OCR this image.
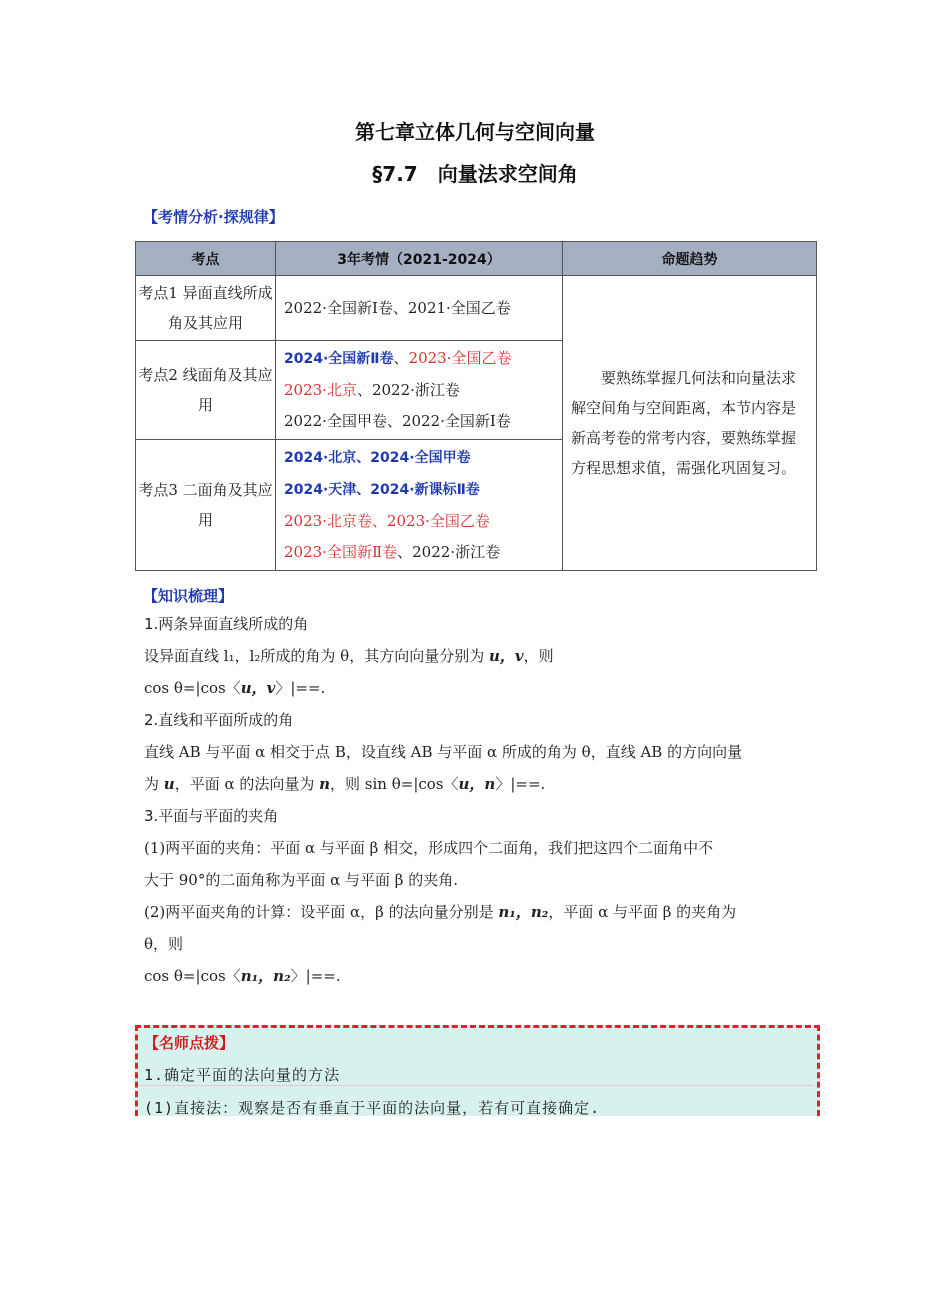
第七章立体几何与空间向量
§7.7　向量法求空间角
【考情分析·探规律】
考点	3年考情（2021-2024）	命题趋势
考点1 异面直线所成角及其应用	2022·全国新Ⅰ卷、2021·全国乙卷	要熟练掌握几何法和向量法求解空间角与空间距离，本节内容是新高考卷的常考内容，要熟练掌握方程思想求值，需强化巩固复习。
考点2 线面角及其应用	2024·全国新Ⅱ卷、2023·全国乙卷
2023·北京、2022·浙江卷
2022·全国甲卷、2022·全国新Ⅰ卷	

考点3 二面角及其应用	2024·北京、2024·全国甲卷
2024·天津、2024·新课标Ⅱ卷
2023·北京卷、2023·全国乙卷
2023·全国新Ⅱ卷、2022·浙江卷	
【知识梳理】

1.两条异面直线所成的角

设异面直线 l₁，l₂所成的角为 θ，其方向向量分别为 u，v，则

cos θ=|cos〈u，v〉|==.

2.直线和平面所成的角

直线 AB 与平面 α 相交于点 B，设直线 AB 与平面 α 所成的角为 θ，直线 AB 的方向向量

为 u，平面 α 的法向量为 n，则 sin θ=|cos〈u，n〉|==.

3.平面与平面的夹角

(1)两平面的夹角：平面 α 与平面 β 相交，形成四个二面角，我们把这四个二面角中不

大于 90°的二面角称为平面 α 与平面 β 的夹角.

(2)两平面夹角的计算：设平面 α，β 的法向量分别是 n₁，n₂，平面 α 与平面 β 的夹角为

θ，则

cos θ=|cos〈n₁，n₂〉|==.

【名师点拨】
1.确定平面的法向量的方法
(1)直接法：观察是否有垂直于平面的法向量，若有可直接确定.
